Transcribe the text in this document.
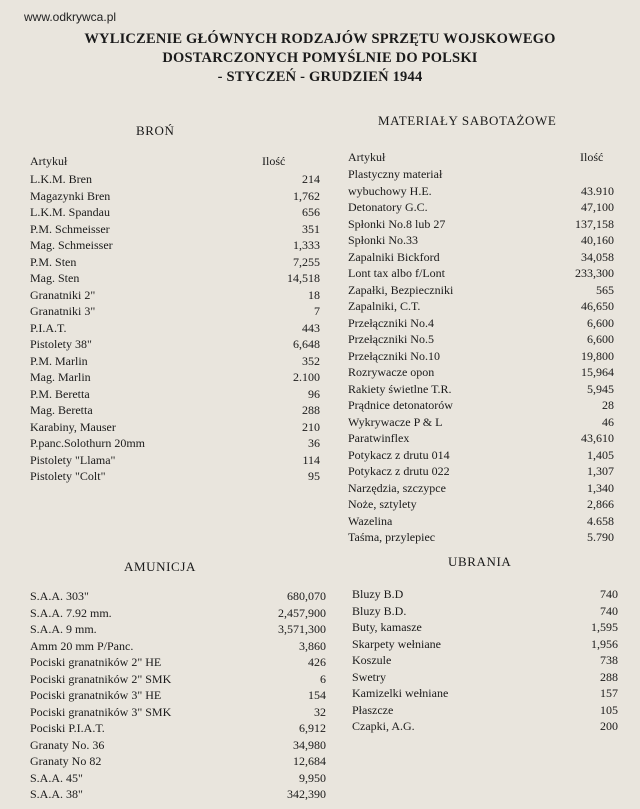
www.odkrywca.pl
WYLICZENIE GŁÓWNYCH RODZAJÓW SPRZĘTU WOJSKOWEGO
DOSTARCZONYCH POMYŚLNIE DO POLSKI
- STYCZEŃ - GRUDZIEŃ 1944
BROŃ
Artykuł	Ilość
L.K.M. Bren	214
Magazynki Bren	1,762
L.K.M. Spandau	656
P.M. Schmeisser	351
Mag. Schmeisser	1,333
P.M. Sten	7,255
Mag. Sten	14,518
Granatniki 2"	18
Granatniki 3"	7
P.I.A.T.	443
Pistolety 38"	6,648
P.M. Marlin	352
Mag. Marlin	2.100
P.M. Beretta	96
Mag. Beretta	288
Karabiny, Mauser	210
P.panc.Solothurn 20mm	36
Pistolety "Llama"	114
Pistolety "Colt"	95
MATERIAŁY SABOTAŻOWE
Artykuł	Ilość
Plastyczny materiał	
wybuchowy H.E.	43.910
Detonatory G.C.	47,100
Spłonki No.8 lub 27	137,158
Spłonki No.33	40,160
Zapalniki Bickford	34,058
Lont tax albo f/Lont	233,300
Zapałki, Bezpieczniki	565
Zapalniki, C.T.	46,650
Przełączniki No.4	6,600
Przełączniki No.5	6,600
Przełączniki No.10	19,800
Rozrywacze opon	15,964
Rakiety świetlne T.R.	5,945
Prądnice detonatorów	28
Wykrywacze P & L	46
Paratwinflex	43,610
Potykacz z drutu 014	1,405
Potykacz z drutu 022	1,307
Narzędzia, szczypce	1,340
Noże, sztylety	2,866
Wazelina	4.658
Taśma, przylepiec	5.790
AMUNICJA
S.A.A. 303"	680,070
S.A.A. 7.92 mm.	2,457,900
S.A.A. 9 mm.	3,571,300
Amm 20 mm P/Panc.	3,860
Pociski granatników 2" HE	426
Pociski granatników 2" SMK	6
Pociski granatników 3" HE	154
Pociski granatników 3" SMK	32
Pociski P.I.A.T.	6,912
Granaty No. 36	34,980
Granaty No 82	12,684
S.A.A. 45"	9,950
S.A.A. 38"	342,390
UBRANIA
Bluzy B.D	740
Bluzy B.D.	740
Buty, kamasze	1,595
Skarpety wełniane	1,956
Koszule	738
Swetry	288
Kamizelki wełniane	157
Płaszcze	105
Czapki, A.G.	200
